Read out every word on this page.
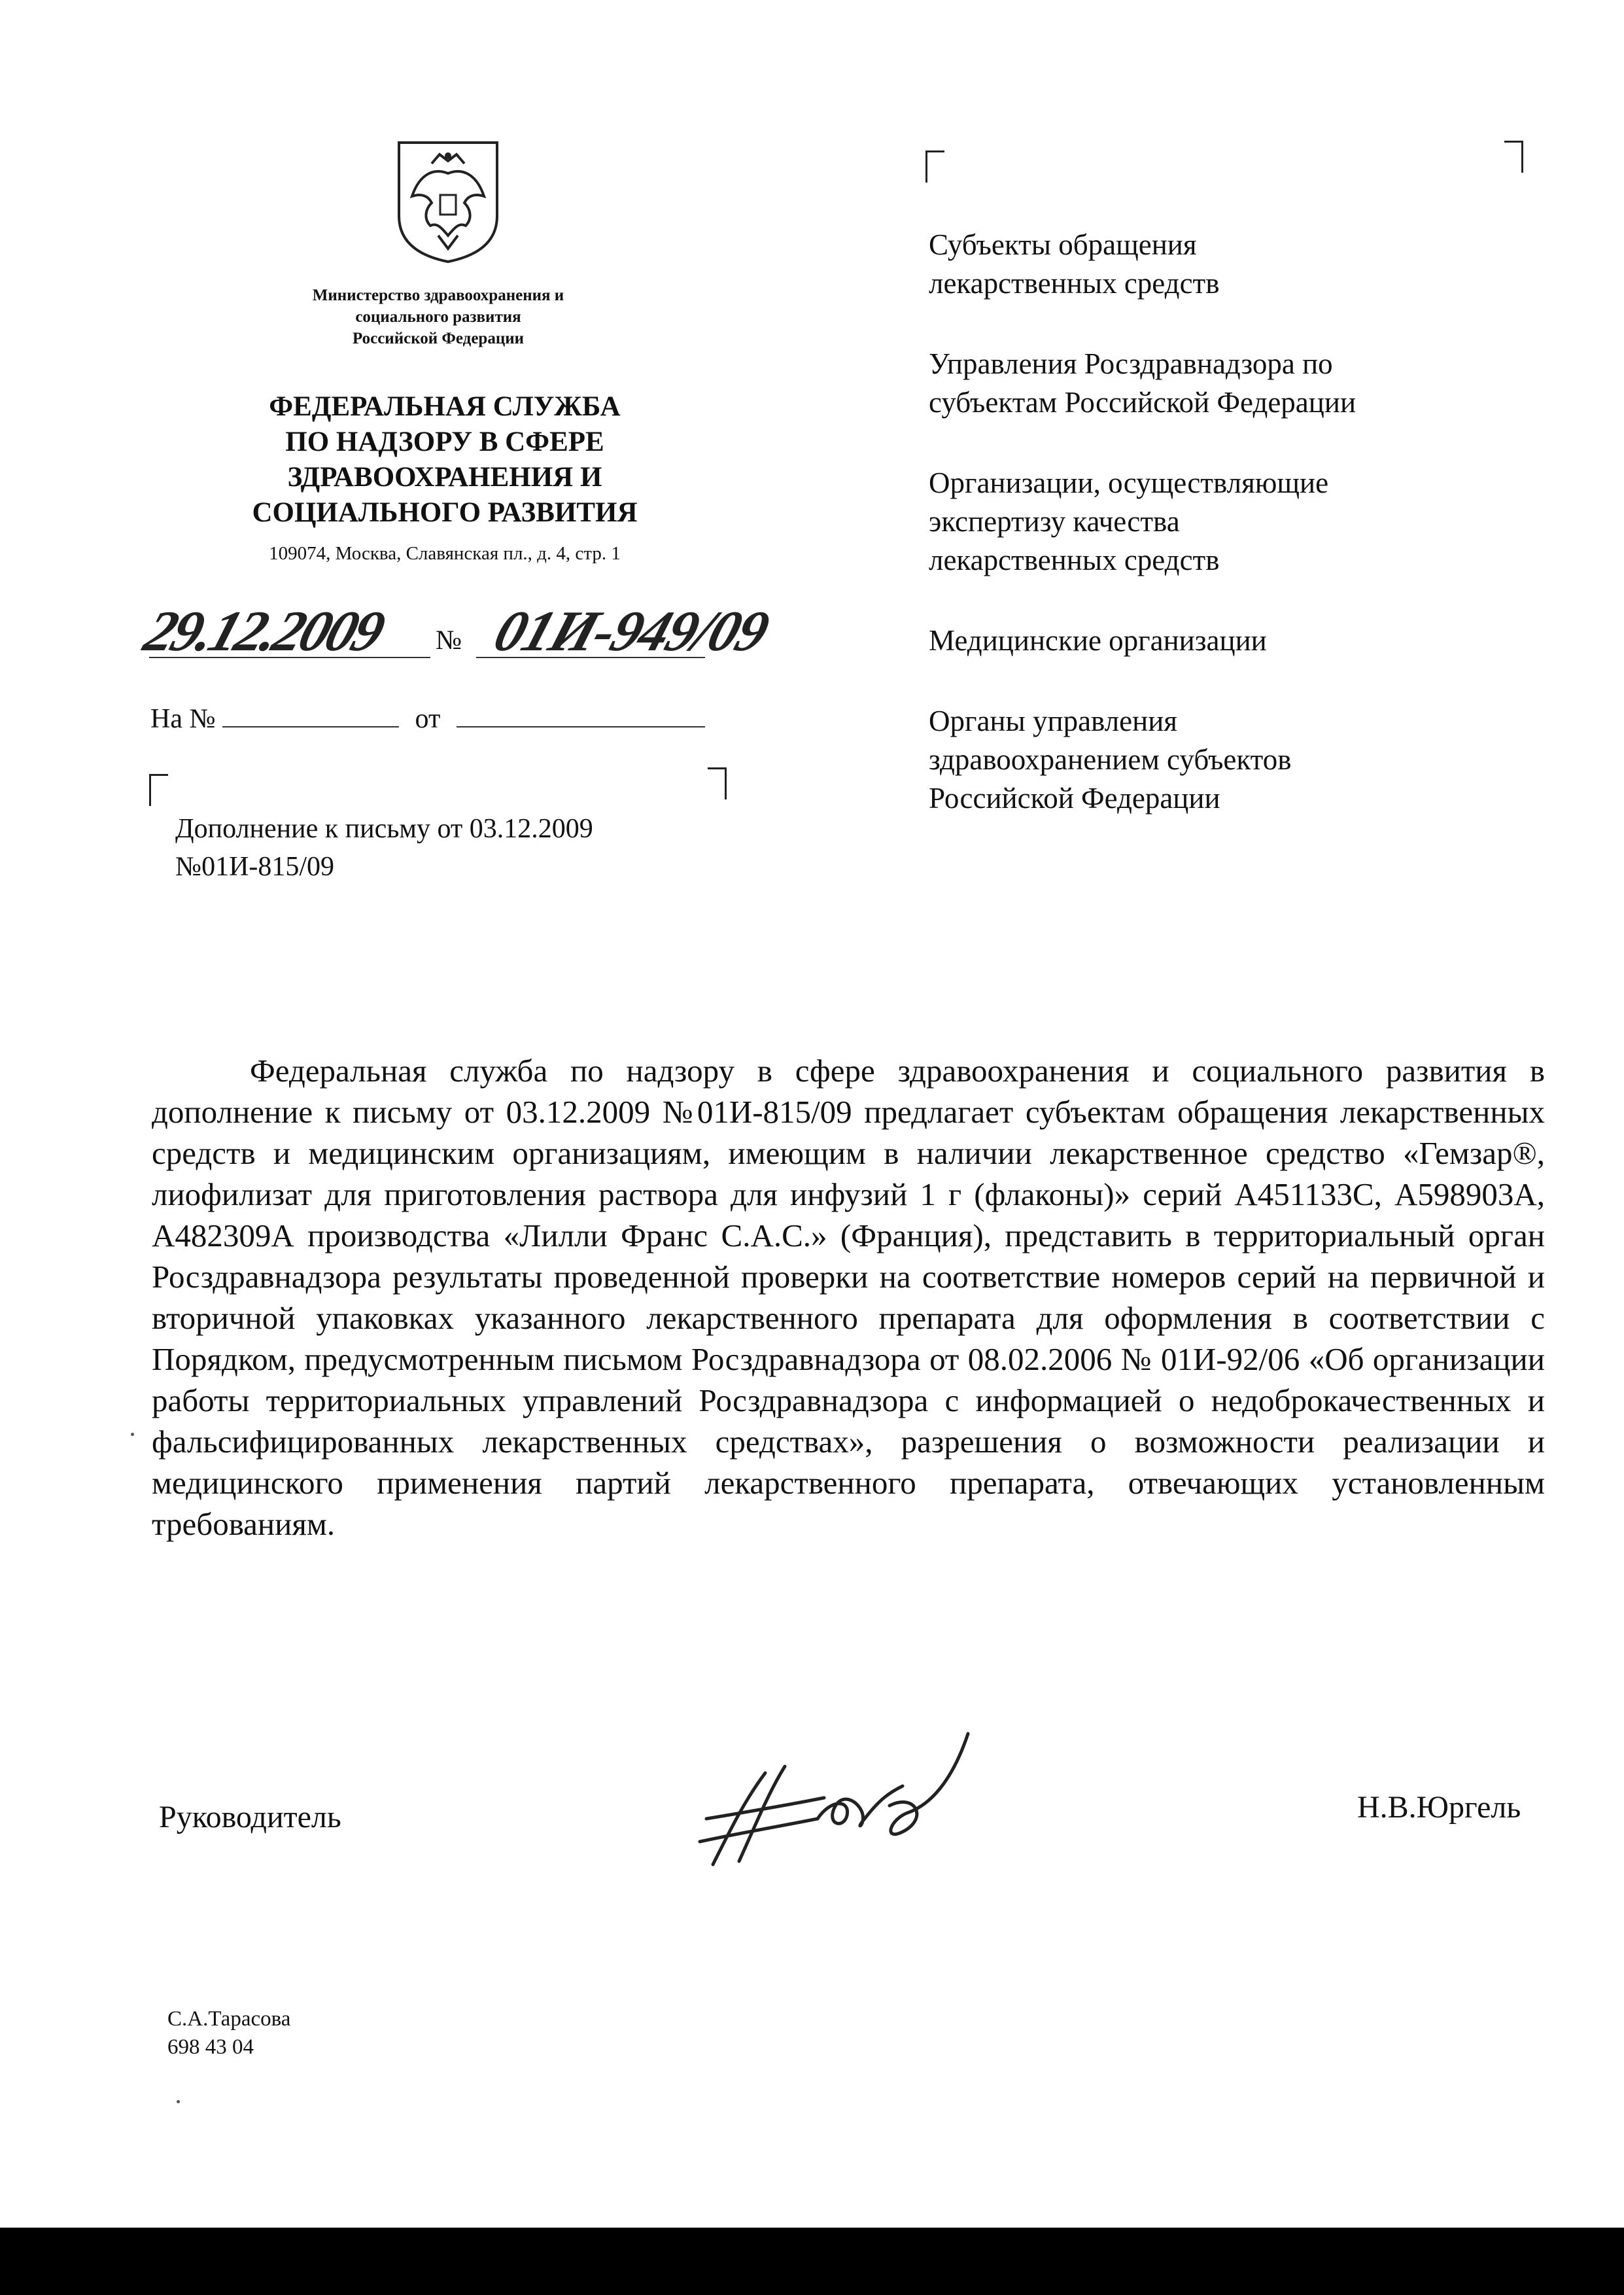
Министерство здравоохранения и
социального развития
Российской Федерации
ФЕДЕРАЛЬНАЯ СЛУЖБА
ПО НАДЗОРУ В СФЕРЕ
ЗДРАВООХРАНЕНИЯ И
СОЦИАЛЬНОГО РАЗВИТИЯ
109074, Москва, Славянская пл., д. 4, стр. 1
29.12.2009 № 01И-949/09
На №	от
Дополнение к письму от 03.12.2009
№01И-815/09
Субъекты обращения
лекарственных средств
Управления Росздравнадзора по
субъектам Российской Федерации
Организации, осуществляющие
экспертизу качества
лекарственных средств
Медицинские организации
Органы управления
здравоохранением субъектов
Российской Федерации
Федеральная служба по надзору в сфере здравоохранения и социального развития в дополнение к письму от 03.12.2009 №01И-815/09 предлагает субъектам обращения лекарственных средств и медицинским организациям, имеющим в наличии лекарственное средство «Гемзар®, лиофилизат для приготовления раствора для инфузий 1 г (флаконы)» серий А451133С, А598903А, А482309А производства «Лилли Франс С.А.С.» (Франция), представить в территориальный орган Росздравнадзора результаты проведенной проверки на соответствие номеров серий на первичной и вторичной упаковках указанного лекарственного препарата для оформления в соответствии с Порядком, предусмотренным письмом Росздравнадзора от 08.02.2006 № 01И-92/06 «Об организации работы территориальных управлений Росздравнадзора с информацией о недоброкачественных и фальсифицированных лекарственных средствах», разрешения о возможности реализации и медицинского применения партий лекарственного препарата, отвечающих установленным требованиям.
Руководитель	Н.В.Юргель
С.А.Тарасова
698 43 04
